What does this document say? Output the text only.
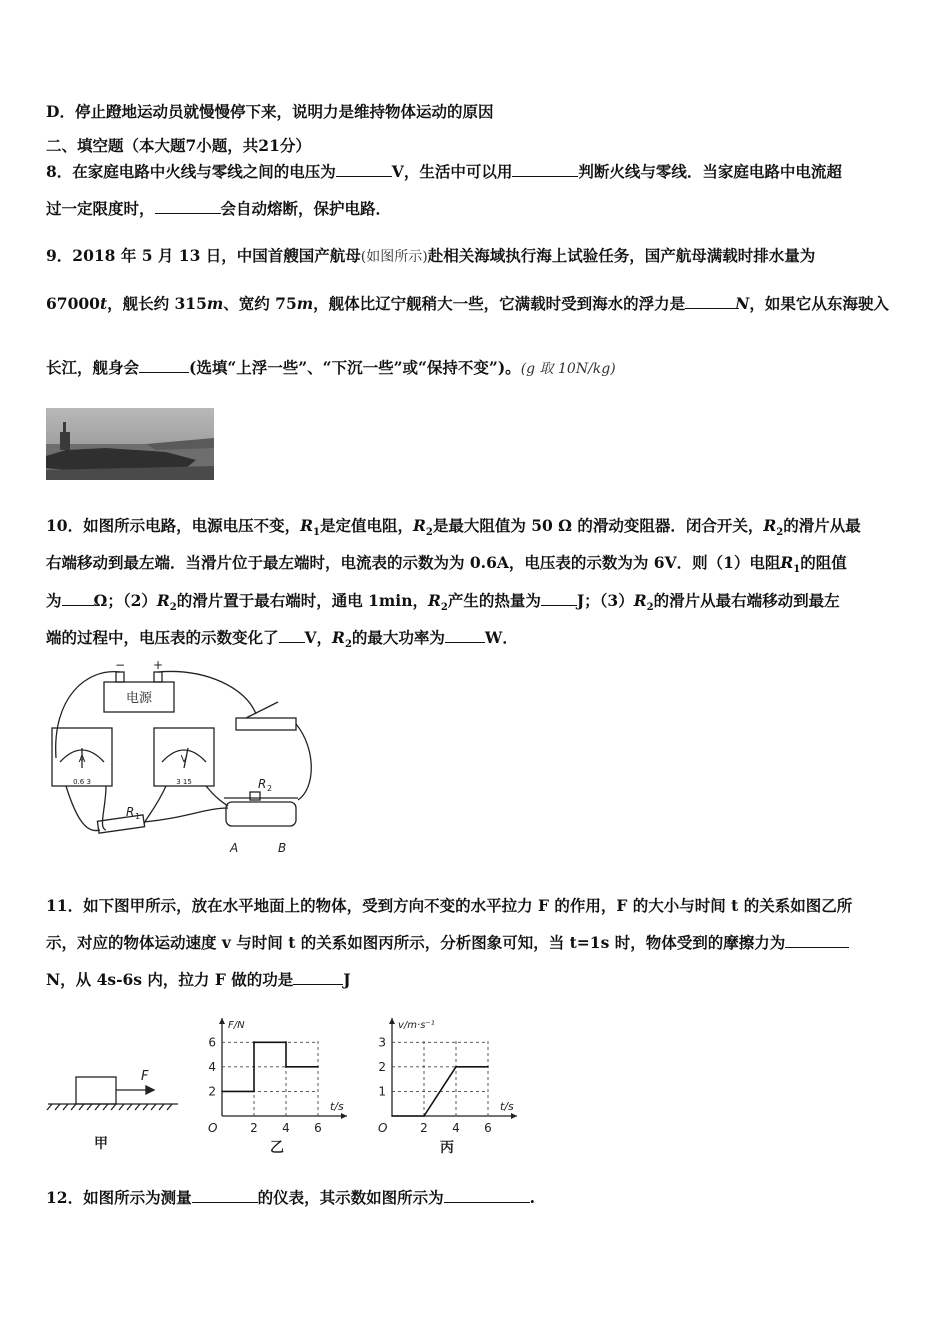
D．停止蹬地运动员就慢慢停下来，说明力是维持物体运动的原因
二、填空题（本大题7小题，共21分）
8．在家庭电路中火线与零线之间的电压为	V，生活中可以用	判断火线与零线．当家庭电路中电流超
过一定限度时，	会自动熔断，保护电路．
9．2018 年 5 月 13 日，中国首艘国产航母(如图所示)赴相关海域执行海上试验任务，国产航母满载时排水量为
67000t，舰长约 315m、宽约 75m，舰体比辽宁舰稍大一些，它满载时受到海水的浮力是	N，如果它从东海驶入
长江，舰身会	(选填“上浮一些”、“下沉一些”或“保持不变”)。(g 取 10N/kg)
10．如图所示电路，电源电压不变，$R_1$是定值电阻，$R_2$是最大阻值为 50 Ω 的滑动变阻器．闭合开关，$R_2$的滑片从最
右端移动到最左端．当滑片位于最左端时，电流表的示数为为 0.6A，电压表的示数为为 6V．则（1）电阻$R_1$的阻值
为 Ω；$(2)R_2$的滑片置于最右端时，通电 1min，$R_2$产生的热量为 J；$(3)R_2$的滑片从最右端移动到最左
端的过程中，电压表的示数变化了 V，$R_2$的最大功率为	W．
电源
− +
A
0.6 3
V
3 15
R 1
R 2
A	B
11．如下图甲所示，放在水平地面上的物体，受到方向不变的水平拉力 F 的作用，F 的大小与时间 t 的关系如图乙所
示，对应的物体运动速度 v 与时间 t 的关系如图丙所示，分析图象可知，当 t=1s 时，物体受到的摩擦力为
N，从 4s-6s 内，拉力 F 做的功是	J
F
甲
F/N
t/s
O	2 4 6
2
4
6
乙
v/m·s⁻¹
t/s
O	2 4 6
1
2
3
丙
12．如图所示为测量	的仪表，其示数如图所示为	.
